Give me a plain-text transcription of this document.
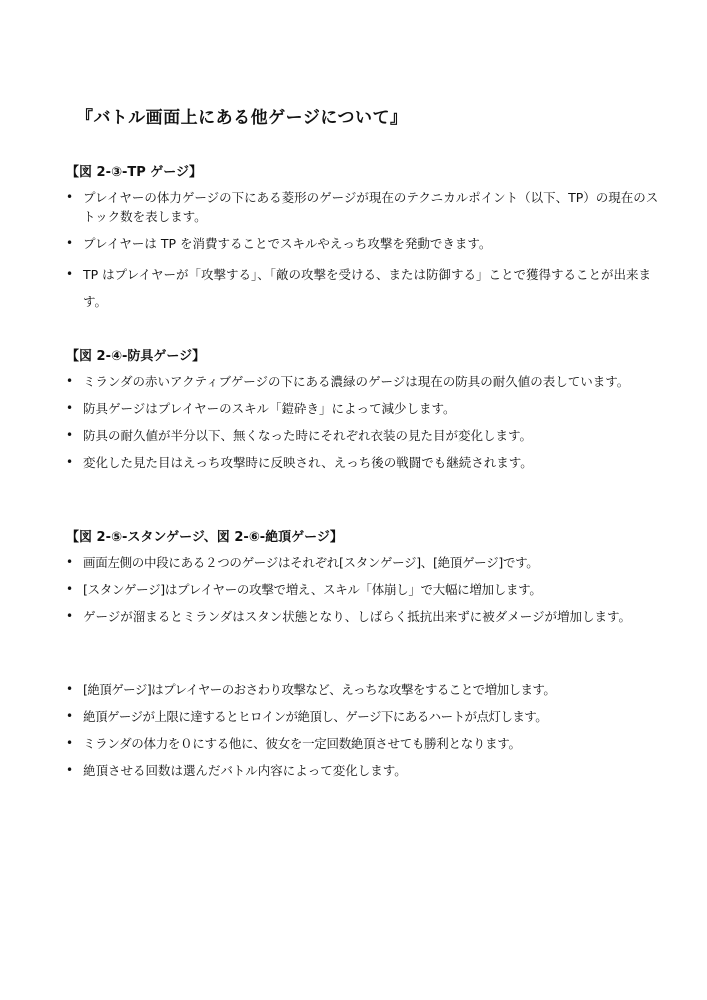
『バトル画面上にある他ゲージについて』
【図 2-③-TP ゲージ】
• プレイヤーの体力ゲージの下にある菱形のゲージが現在のテクニカルポイント（以下、TP）の現在のストック数を表します。
• プレイヤーは TP を消費することでスキルやえっち攻撃を発動できます。
• TP はプレイヤーが「攻撃する」、「敵の攻撃を受ける、または防御する」ことで獲得することが出来ます。
【図 2-④-防具ゲージ】
• ミランダの赤いアクティブゲージの下にある濃緑のゲージは現在の防具の耐久値の表しています。
• 防具ゲージはプレイヤーのスキル「鎧砕き」によって減少します。
• 防具の耐久値が半分以下、無くなった時にそれぞれ衣装の見た目が変化します。
• 変化した見た目はえっち攻撃時に反映され、えっち後の戦闘でも継続されます。
【図 2-⑤-スタンゲージ、図 2-⑥-絶頂ゲージ】
• 画面左側の中段にある２つのゲージはそれぞれ[スタンゲージ]、[絶頂ゲージ]です。
• [スタンゲージ]はプレイヤーの攻撃で増え、スキル「体崩し」で大幅に増加します。
• ゲージが溜まるとミランダはスタン状態となり、しばらく抵抗出来ずに被ダメージが増加します。
• [絶頂ゲージ]はプレイヤーのおさわり攻撃など、えっちな攻撃をすることで増加します。
• 絶頂ゲージが上限に達するとヒロインが絶頂し、ゲージ下にあるハートが点灯します。
• ミランダの体力を０にする他に、彼女を一定回数絶頂させても勝利となります。
• 絶頂させる回数は選んだバトル内容によって変化します。
